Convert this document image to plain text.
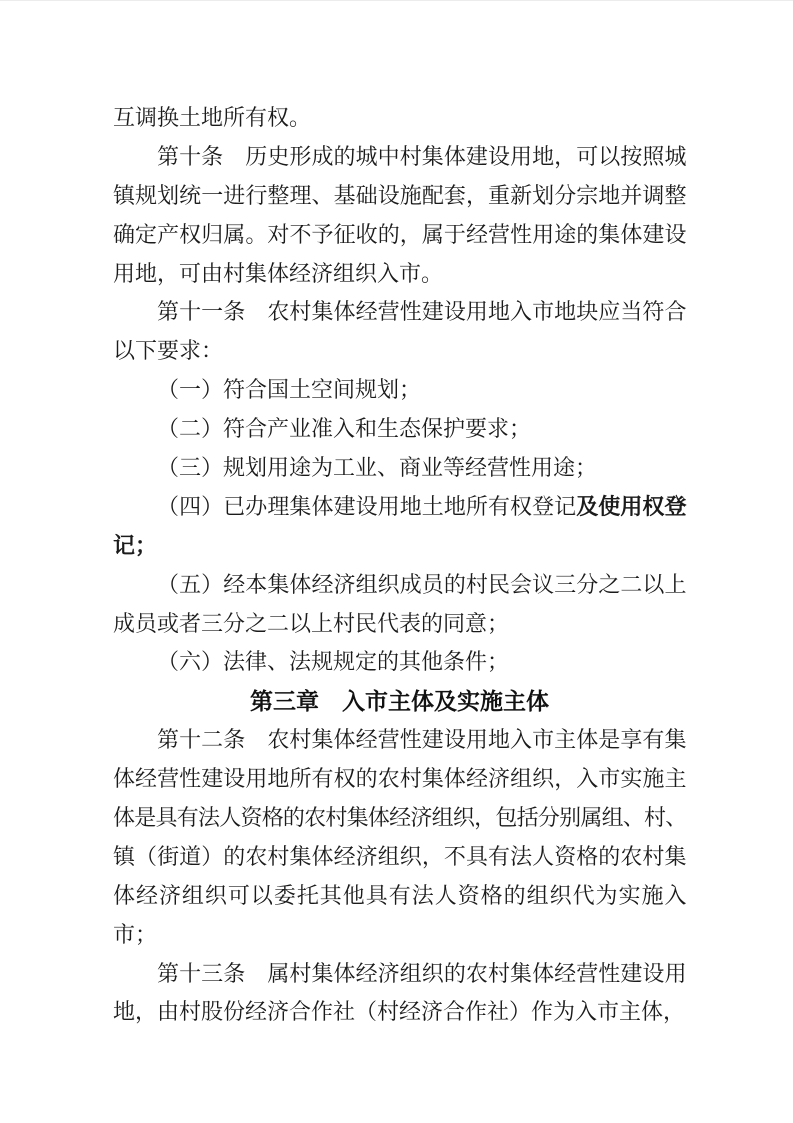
互调换土地所有权。
第十条　历史形成的城中村集体建设用地，可以按照城
镇规划统一进行整理、基础设施配套，重新划分宗地并调整
确定产权归属。对不予征收的，属于经营性用途的集体建设
用地，可由村集体经济组织入市。
第十一条　农村集体经营性建设用地入市地块应当符合
以下要求：
（一）符合国土空间规划；
（二）符合产业准入和生态保护要求；
（三）规划用途为工业、商业等经营性用途；
（四）已办理集体建设用地土地所有权登记及使用权登
记；
（五）经本集体经济组织成员的村民会议三分之二以上
成员或者三分之二以上村民代表的同意；
（六）法律、法规规定的其他条件；
第三章　入市主体及实施主体
第十二条　农村集体经营性建设用地入市主体是享有集
体经营性建设用地所有权的农村集体经济组织，入市实施主
体是具有法人资格的农村集体经济组织，包括分别属组、村、
镇（街道）的农村集体经济组织，不具有法人资格的农村集
体经济组织可以委托其他具有法人资格的组织代为实施入
市；
第十三条　属村集体经济组织的农村集体经营性建设用
地，由村股份经济合作社（村经济合作社）作为入市主体，
